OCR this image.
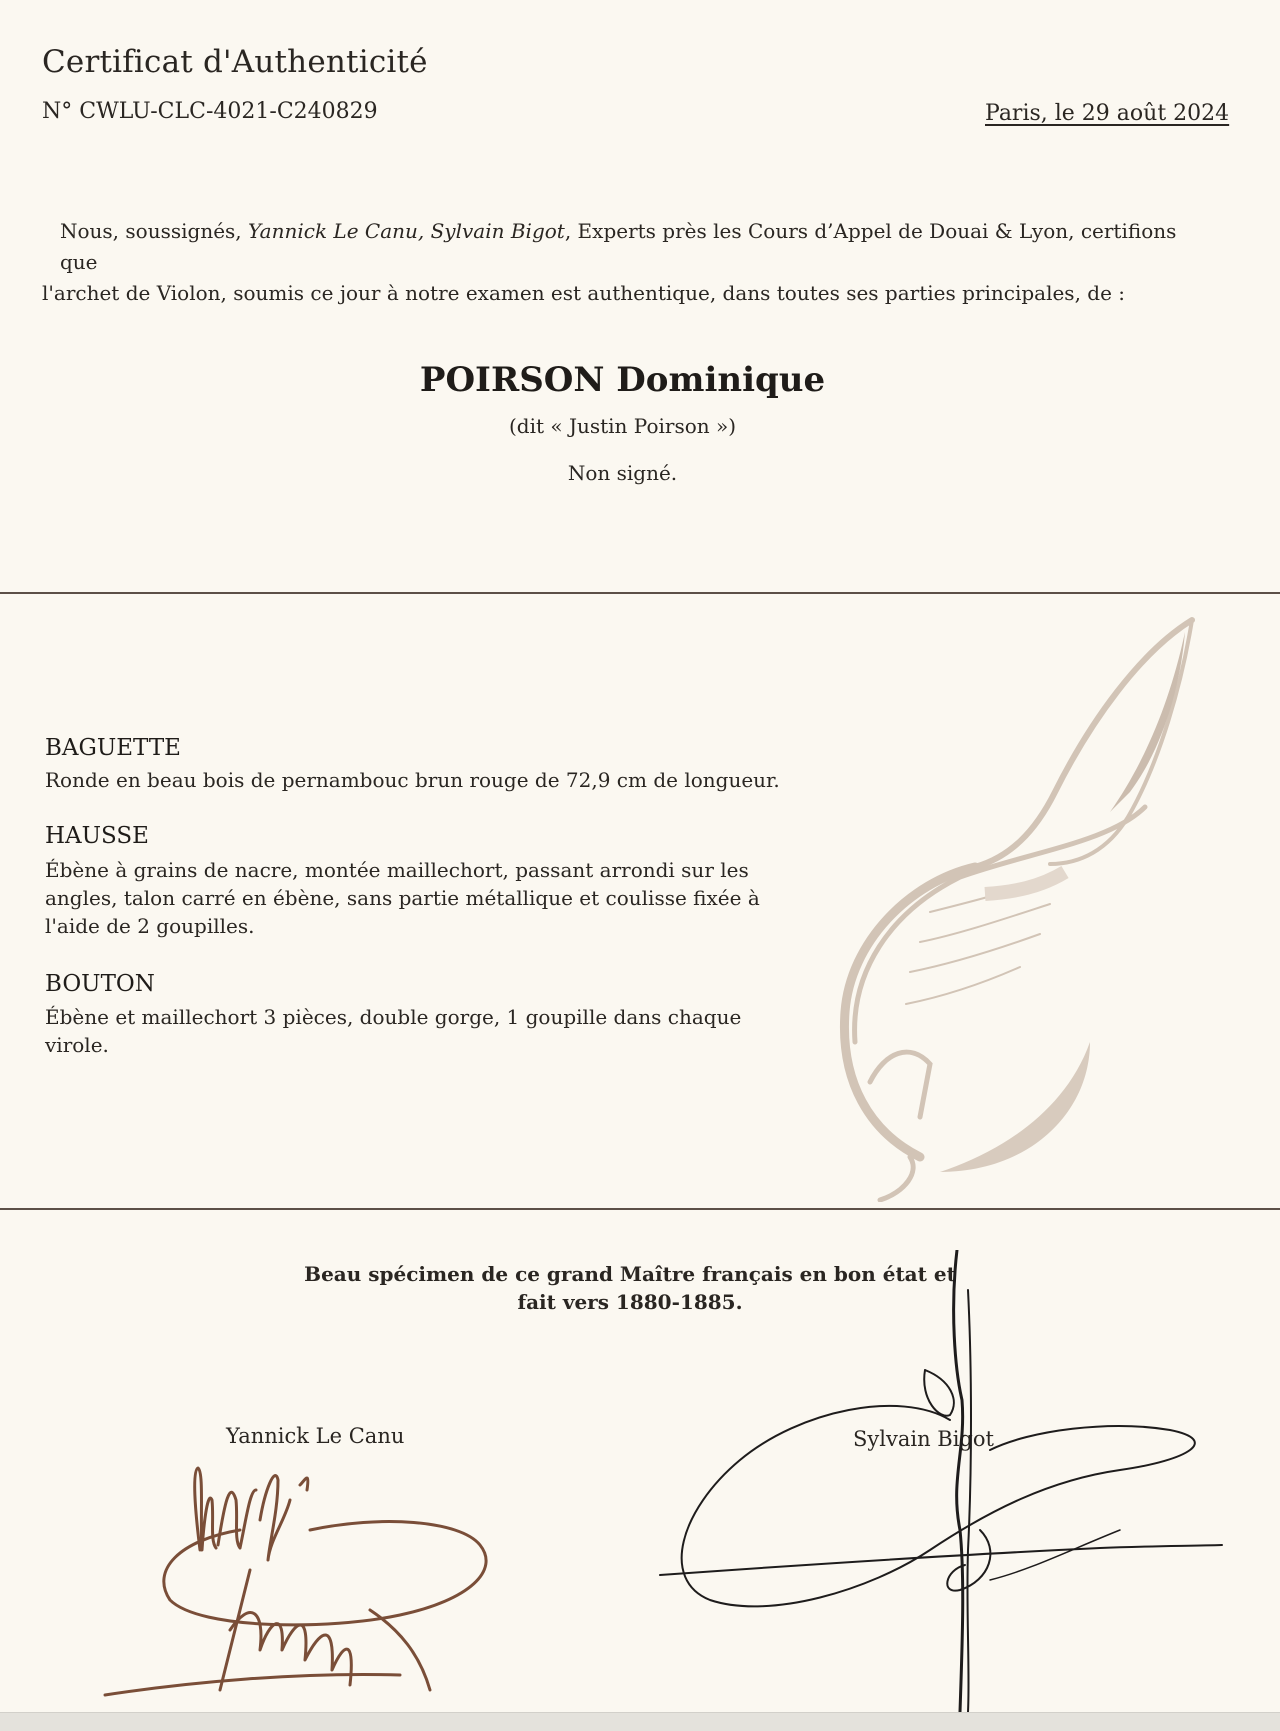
Certificat d'Authenticité
N° CWLU-CLC-4021-C240829	Paris, le 29 août 2024

Nous, soussignés, Yannick Le Canu, Sylvain Bigot, Experts près les Cours d’Appel de Douai & Lyon, certifions que

l'archet de Violon, soumis ce jour à notre examen est authentique, dans toutes ses parties principales, de :

POIRSON Dominique
(dit « Justin Poirson »)
Non signé.
BAGUETTE
Ronde en beau bois de pernambouc brun rouge de 72,9 cm de longueur.
HAUSSE
Ébène à grains de nacre, montée maillechort, passant arrondi sur les angles, talon carré en ébène, sans partie métallique et coulisse fixée à l'aide de 2 goupilles.
BOUTON
Ébène et maillechort 3 pièces, double gorge, 1 goupille dans chaque virole.
Beau spécimen de ce grand Maître français en bon état et fait vers 1880-1885.
Yannick Le Canu	Sylvain Bigot
